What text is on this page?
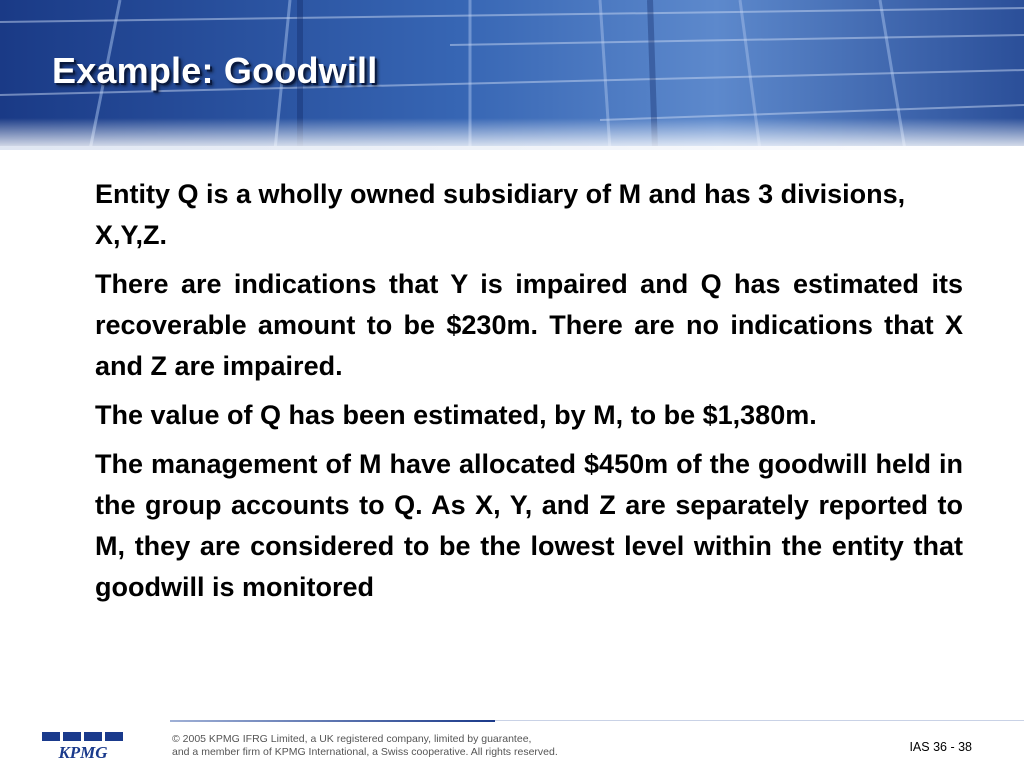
Example: Goodwill

Entity Q is a wholly owned subsidiary of M and has 3 divisions, X,Y,Z.

There are indications that Y is impaired and Q has estimated its recoverable amount to be $230m. There are no indications that X and Z are impaired.

The value of Q has been estimated, by M, to be $1,380m.

The management of M have allocated $450m of the goodwill held in the group accounts to Q. As X, Y, and Z are separately reported to M, they are considered to be the lowest level within the entity that goodwill is monitored

KPMG
© 2005 KPMG IFRG Limited, a UK registered company, limited by guarantee,
and a member firm of KPMG International, a Swiss cooperative. All rights reserved.	IAS 36 - 38
